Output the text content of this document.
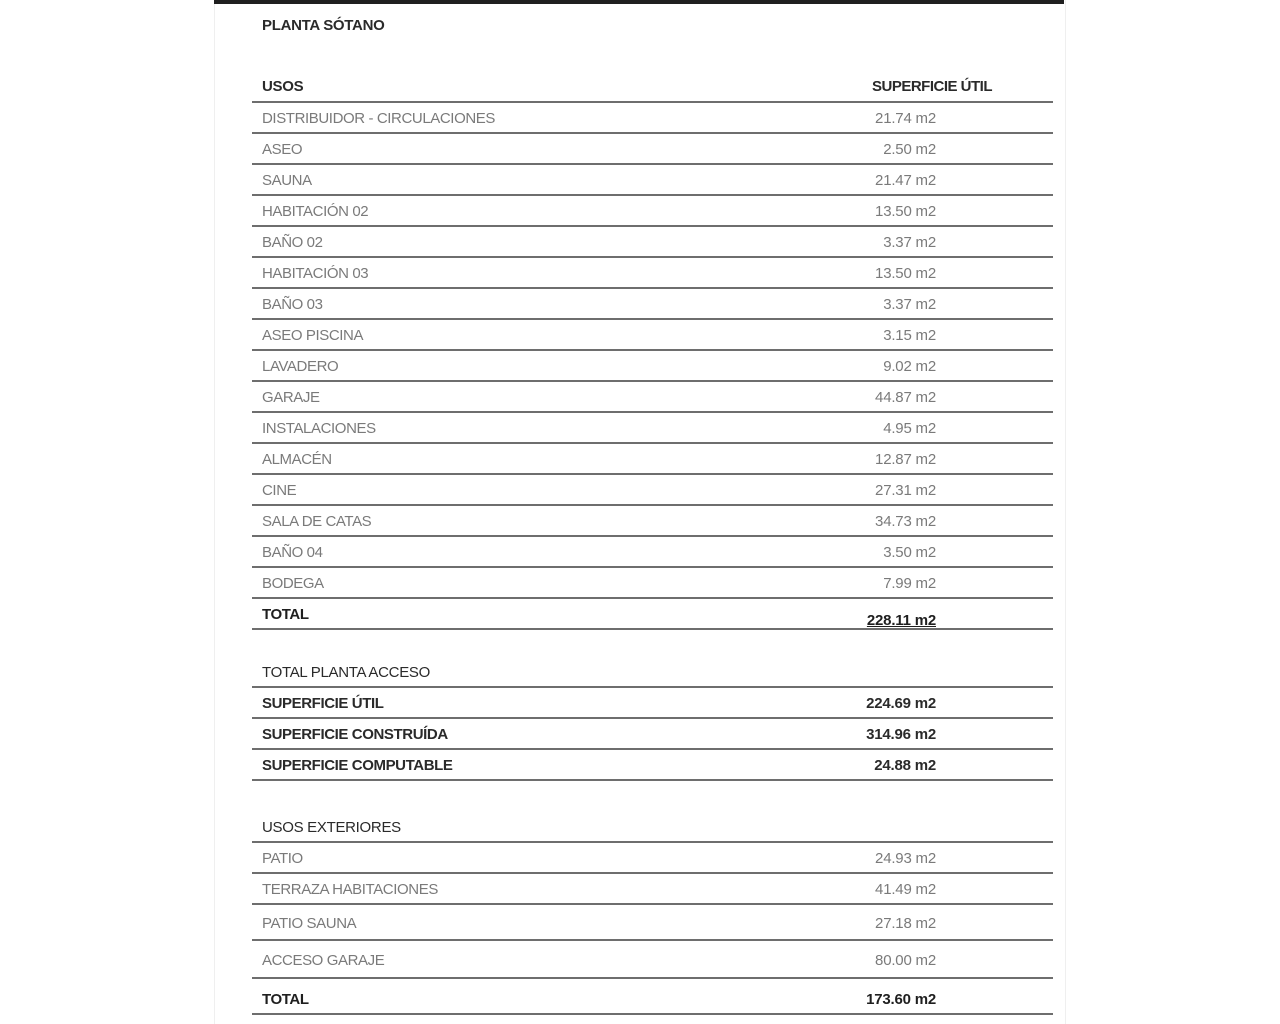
PLANTA SÓTANO
USOS	SUPERFICIE ÚTIL
DISTRIBUIDOR - CIRCULACIONES	21.74 m2
ASEO	2.50 m2
SAUNA	21.47 m2
HABITACIÓN 02	13.50 m2
BAÑO 02	3.37 m2
HABITACIÓN 03	13.50 m2
BAÑO 03	3.37 m2
ASEO PISCINA	3.15 m2
LAVADERO	9.02 m2
GARAJE	44.87 m2
INSTALACIONES	4.95 m2
ALMACÉN	12.87 m2
CINE	27.31 m2
SALA DE CATAS	34.73 m2
BAÑO 04	3.50 m2
BODEGA	7.99 m2
TOTAL	228.11 m2
TOTAL PLANTA ACCESO
SUPERFICIE ÚTIL	224.69 m2
SUPERFICIE CONSTRUÍDA	314.96 m2
SUPERFICIE COMPUTABLE	24.88 m2
USOS EXTERIORES
PATIO	24.93 m2
TERRAZA HABITACIONES	41.49 m2
PATIO SAUNA	27.18 m2
ACCESO GARAJE	80.00 m2
TOTAL	173.60 m2
